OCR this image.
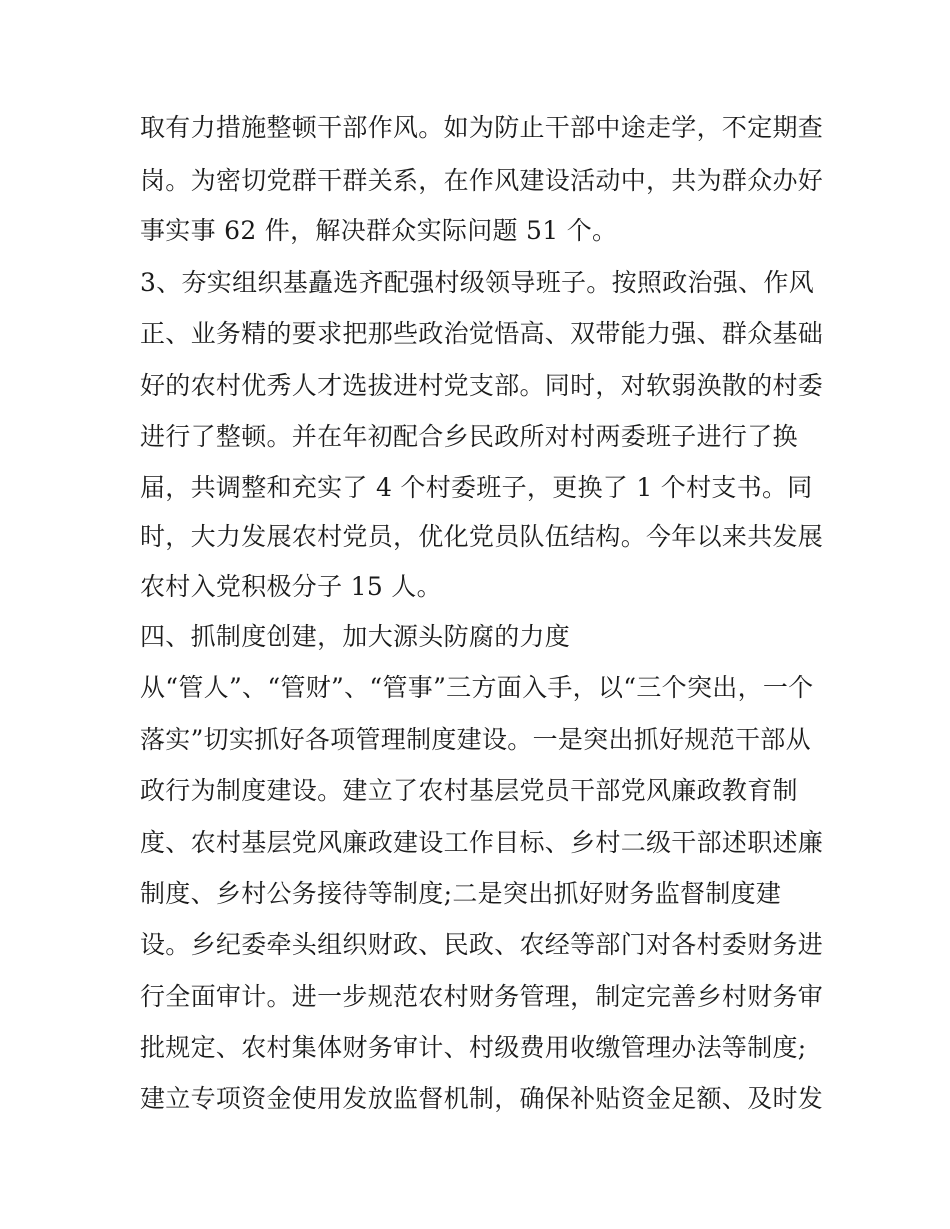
取有力措施整顿干部作风。如为防止干部中途走学，不定期查
岗。为密切党群干群关系，在作风建设活动中，共为群众办好
事实事 62 件，解决群众实际问题 51 个。
3、夯实组织基矗选齐配强村级领导班子。按照政治强、作风
正、业务精的要求把那些政治觉悟高、双带能力强、群众基础
好的农村优秀人才选拔进村党支部。同时，对软弱涣散的村委
进行了整顿。并在年初配合乡民政所对村两委班子进行了换
届，共调整和充实了 4 个村委班子，更换了 1 个村支书。同
时，大力发展农村党员，优化党员队伍结构。今年以来共发展
农村入党积极分子 15 人。
四、抓制度创建，加大源头防腐的力度
从“管人”、“管财”、“管事”三方面入手，以“三个突出，一个
落实”切实抓好各项管理制度建设。一是突出抓好规范干部从
政行为制度建设。建立了农村基层党员干部党风廉政教育制
度、农村基层党风廉政建设工作目标、乡村二级干部述职述廉
制度、乡村公务接待等制度;二是突出抓好财务监督制度建
设。乡纪委牵头组织财政、民政、农经等部门对各村委财务进
行全面审计。进一步规范农村财务管理，制定完善乡村财务审
批规定、农村集体财务审计、村级费用收缴管理办法等制度;
建立专项资金使用发放监督机制，确保补贴资金足额、及时发
